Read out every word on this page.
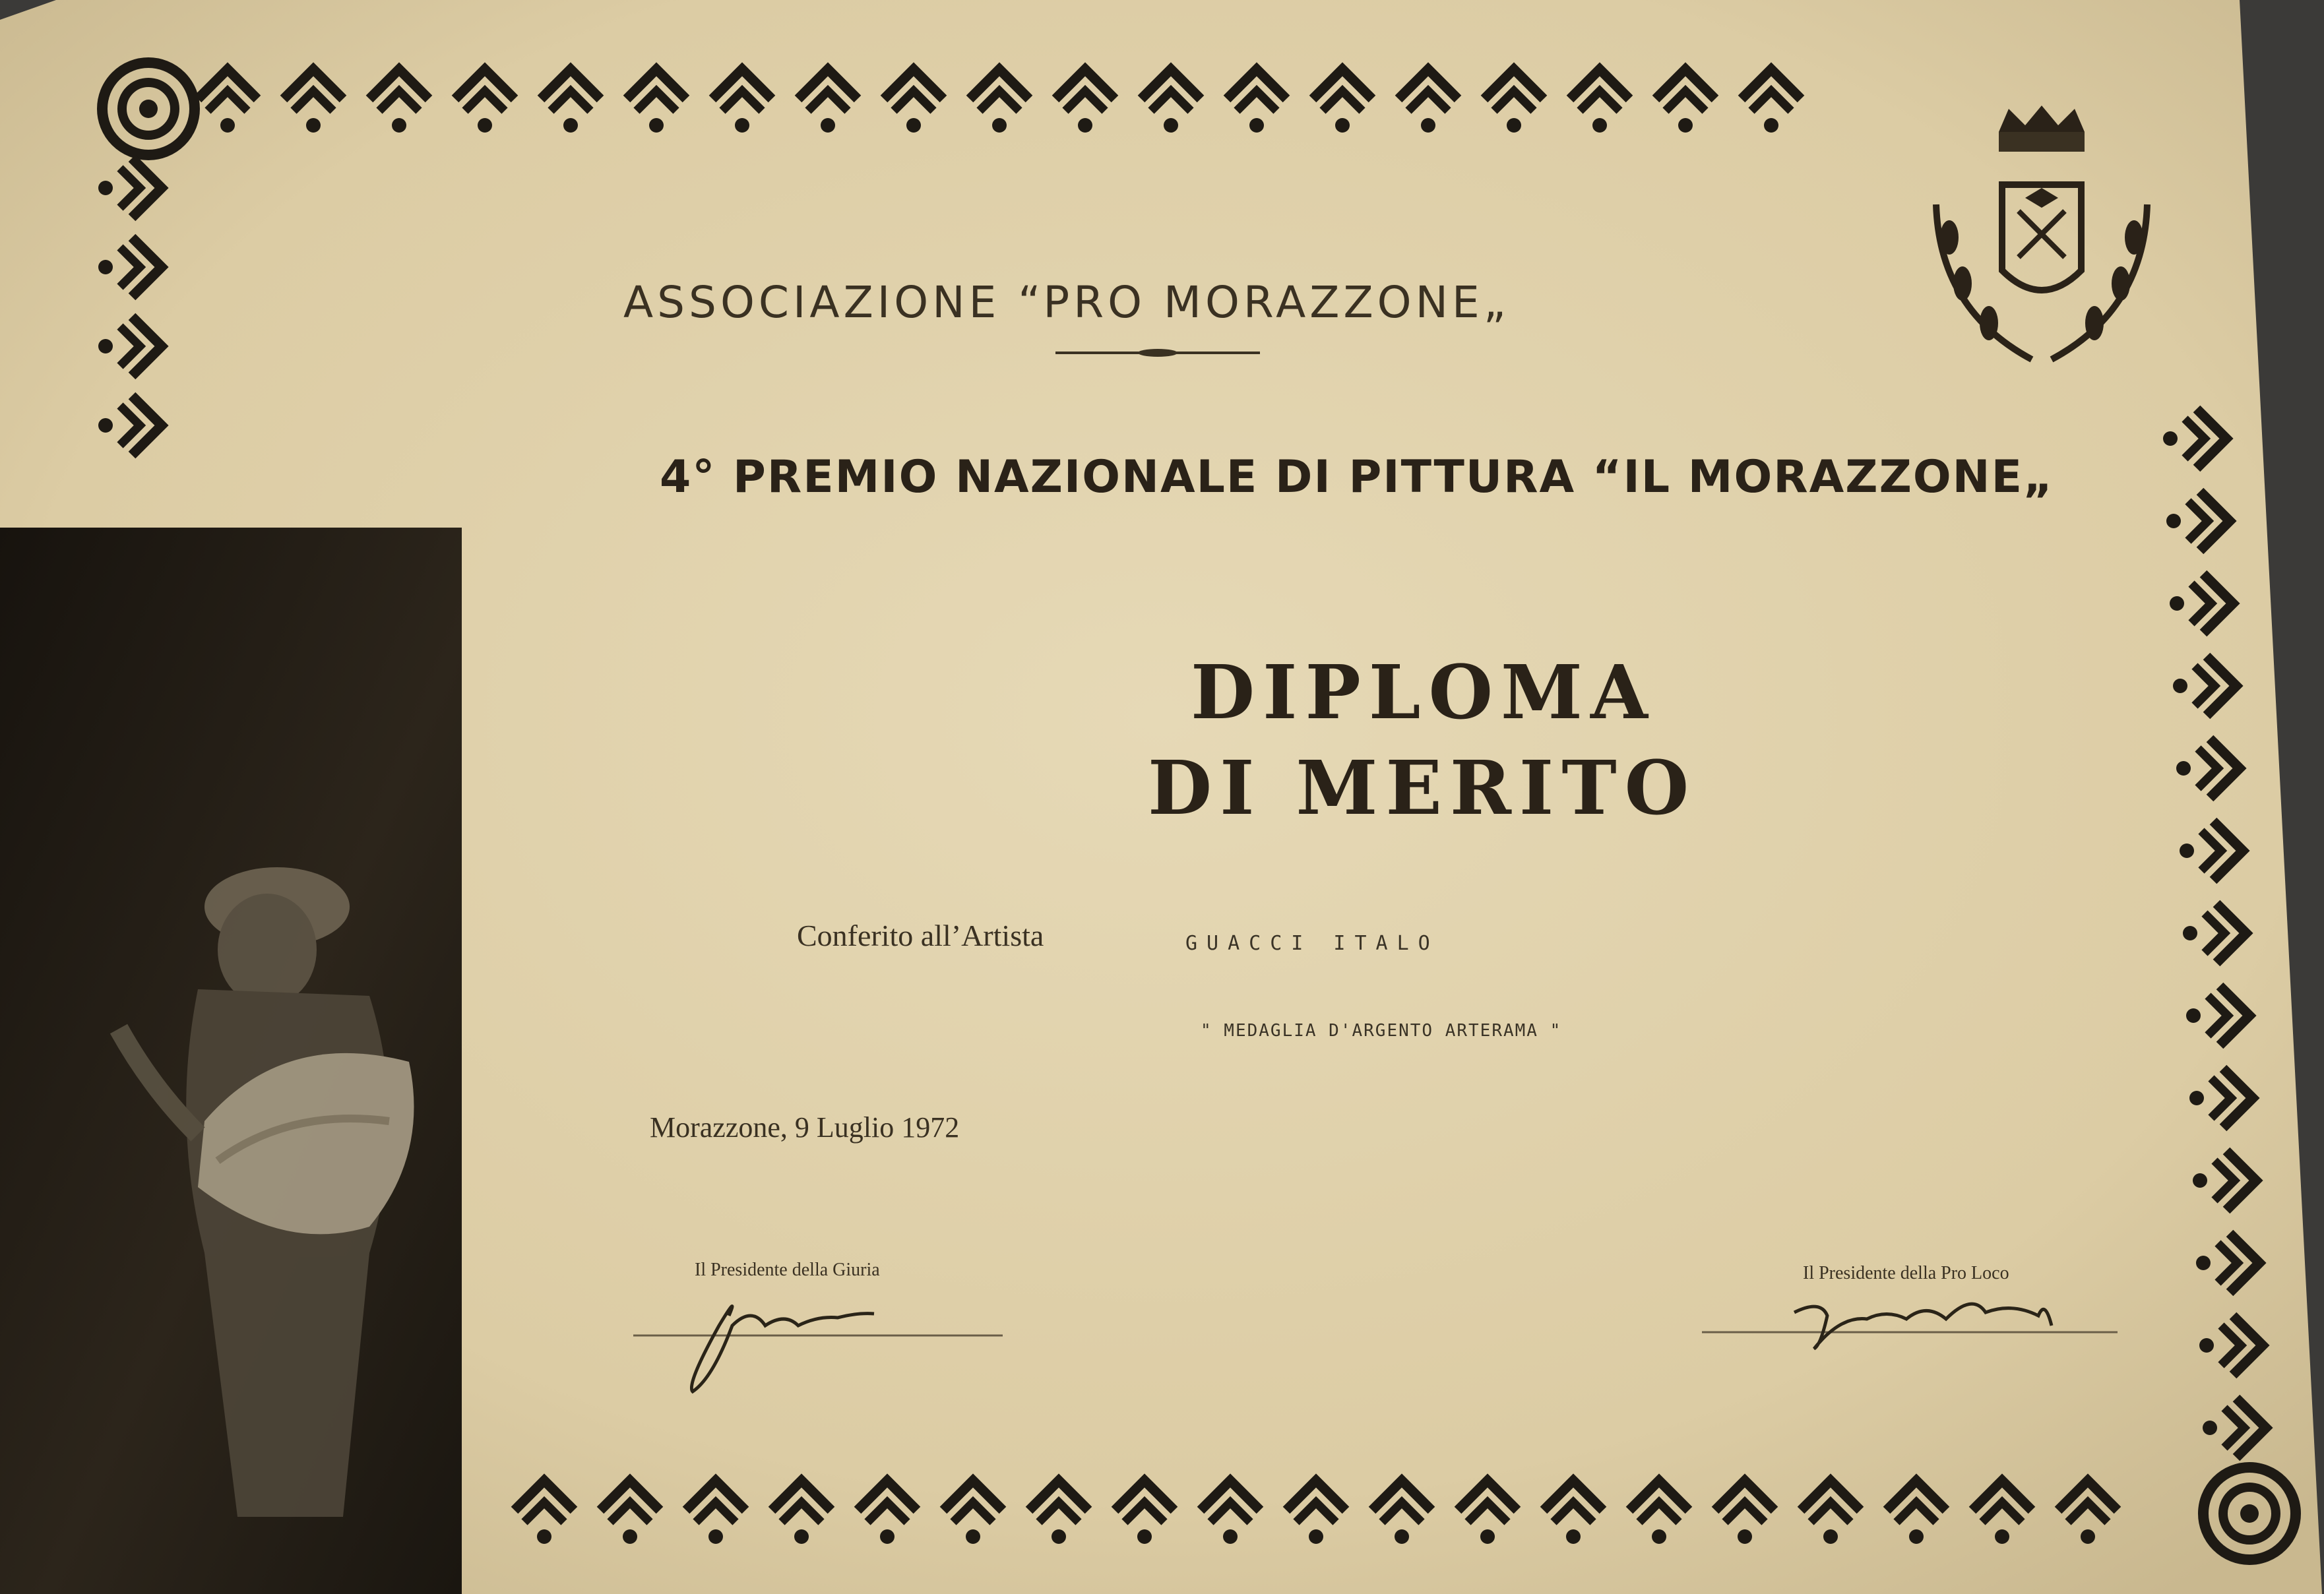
ASSOCIAZIONE “PRO MORAZZONE„
4° PREMIO NAZIONALE DI PITTURA “IL MORAZZONE„
DIPLOMA
DI MERITO
Conferito all’Artista	GUACCI ITALO
" MEDAGLIA D'ARGENTO ARTERAMA "
Morazzone, 9 Luglio 1972
Il Presidente della Giuria	Il Presidente della Pro Loco
